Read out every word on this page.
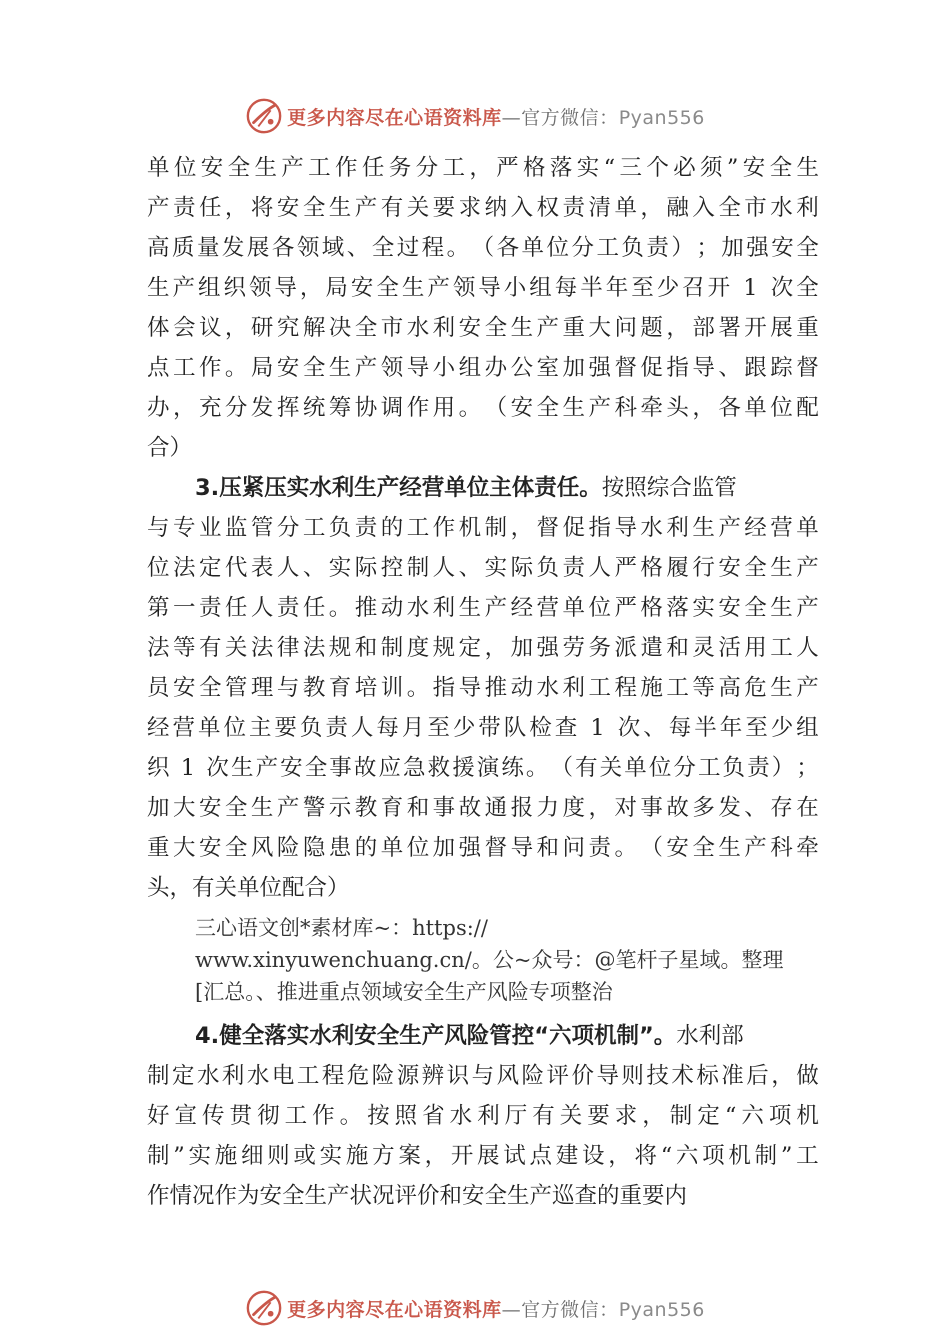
更多内容尽在心语资料库—官方微信：Pyan556
单 位 安 全 生 产 工 作 任 务 分 工 ， 严 格 落 实 “ 三 个 必 须 ” 安 全 生
产 责 任 ， 将 安 全 生 产 有 关 要 求 纳 入 权 责 清 单 ， 融 入 全 市 水 利
高 质 量 发 展 各 领 域 、 全 过 程 。 （ 各 单 位 分 工 负 责 ） ； 加 强 安 全
生 产 组 织 领 导 ， 局 安 全 生 产 领 导 小 组 每 半 年 至 少 召 开
1
次 全
体 会 议 ， 研 究 解 决 全 市 水 利 安 全 生 产 重 大 问 题 ， 部 署 开 展 重
点 工 作 。 局 安 全 生 产 领 导 小 组 办 公 室 加 强 督 促 指 导 、 跟 踪 督
办 ， 充 分 发 挥 统 筹 协 调 作 用 。 （ 安 全 生 产 科 牵 头 ， 各 单 位 配
合）
3.压紧压实水利生产经营单位主体责任。 按照综合监管
与 专 业 监 管 分 工 负 责 的 工 作 机 制 ， 督 促 指 导 水 利 生 产 经 营 单
位 法 定 代 表 人 、 实 际 控 制 人 、 实 际 负 责 人 严 格 履 行 安 全 生 产
第 一 责 任 人 责 任 。 推 动 水 利 生 产 经 营 单 位 严 格 落 实 安 全 生 产
法 等 有 关 法 律 法 规 和 制 度 规 定 ， 加 强 劳 务 派 遣 和 灵 活 用 工 人
员 安 全 管 理 与 教 育 培 训 。 指 导 推 动 水 利 工 程 施 工 等 高 危 生 产
经 营 单 位 主 要 负 责 人 每 月 至 少 带 队 检 查
1
次 、 每 半 年 至 少 组
织
1
次 生 产 安 全 事 故 应 急 救 援 演 练 。 （ 有 关 单 位 分 工 负 责 ） ；
加 大 安 全 生 产 警 示 教 育 和 事 故 通 报 力 度 ， 对 事 故 多 发 、 存 在
重 大 安 全 风 险 隐 患 的 单 位 加 强 督 导 和 问 责 。 （ 安 全 生 产 科 牵
头，有关单位配合）
三心语文创*素材库~：https://
www.xinyuwenchuang.cn/。公~众号：@笔杆子星域。整理
[汇总。、推进重点领域安全生产风险专项整治
4.健全落实水利安全生产风险管控“六项机制”。 水利部
制 定 水 利 水 电 工 程 危 险 源 辨 识 与 风 险 评 价 导 则 技 术 标 准 后 ， 做
好 宣 传 贯 彻 工 作 。 按 照 省 水 利 厅 有 关 要 求 ， 制 定 “ 六 项 机
制 ” 实 施 细 则 或 实 施 方 案 ， 开 展 试 点 建 设 ， 将 “ 六 项 机 制 ” 工
作情况作为安全生产状况评价和安全生产巡查的重要内
更多内容尽在心语资料库—官方微信：Pyan556
